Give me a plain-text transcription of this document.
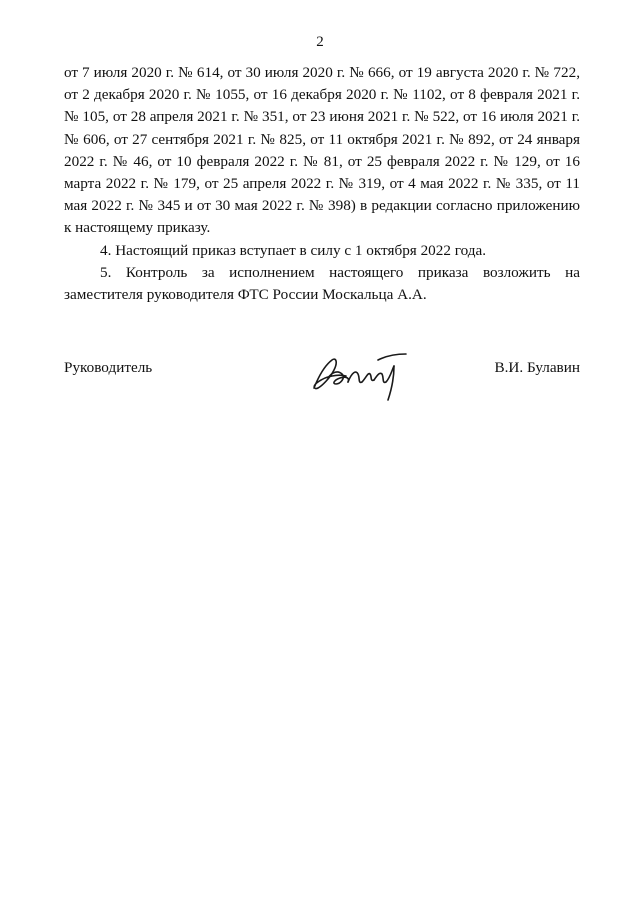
2

от 7 июля 2020 г. № 614, от 30 июля 2020 г. № 666, от 19 августа 2020 г. № 722, от 2 декабря 2020 г. № 1055, от 16 декабря 2020 г. № 1102, от 8 февраля 2021 г. № 105, от 28 апреля 2021 г. № 351, от 23 июня 2021 г. № 522, от 16 июля 2021 г. № 606, от 27 сентября 2021 г. № 825, от 11 октября 2021 г. № 892, от 24 января 2022 г. № 46, от 10 февраля 2022 г. № 81, от 25 февраля 2022 г. № 129, от 16 марта 2022 г. № 179, от 25 апреля 2022 г. № 319, от 4 мая 2022 г. № 335, от 11 мая 2022 г. № 345 и от 30 мая 2022 г. № 398) в редакции согласно приложению к настоящему приказу.

4. Настоящий приказ вступает в силу с 1 октября 2022 года.

5. Контроль за исполнением настоящего приказа возложить на заместителя руководителя ФТС России Москальца А.А.

Руководитель	В.И. Булавин
